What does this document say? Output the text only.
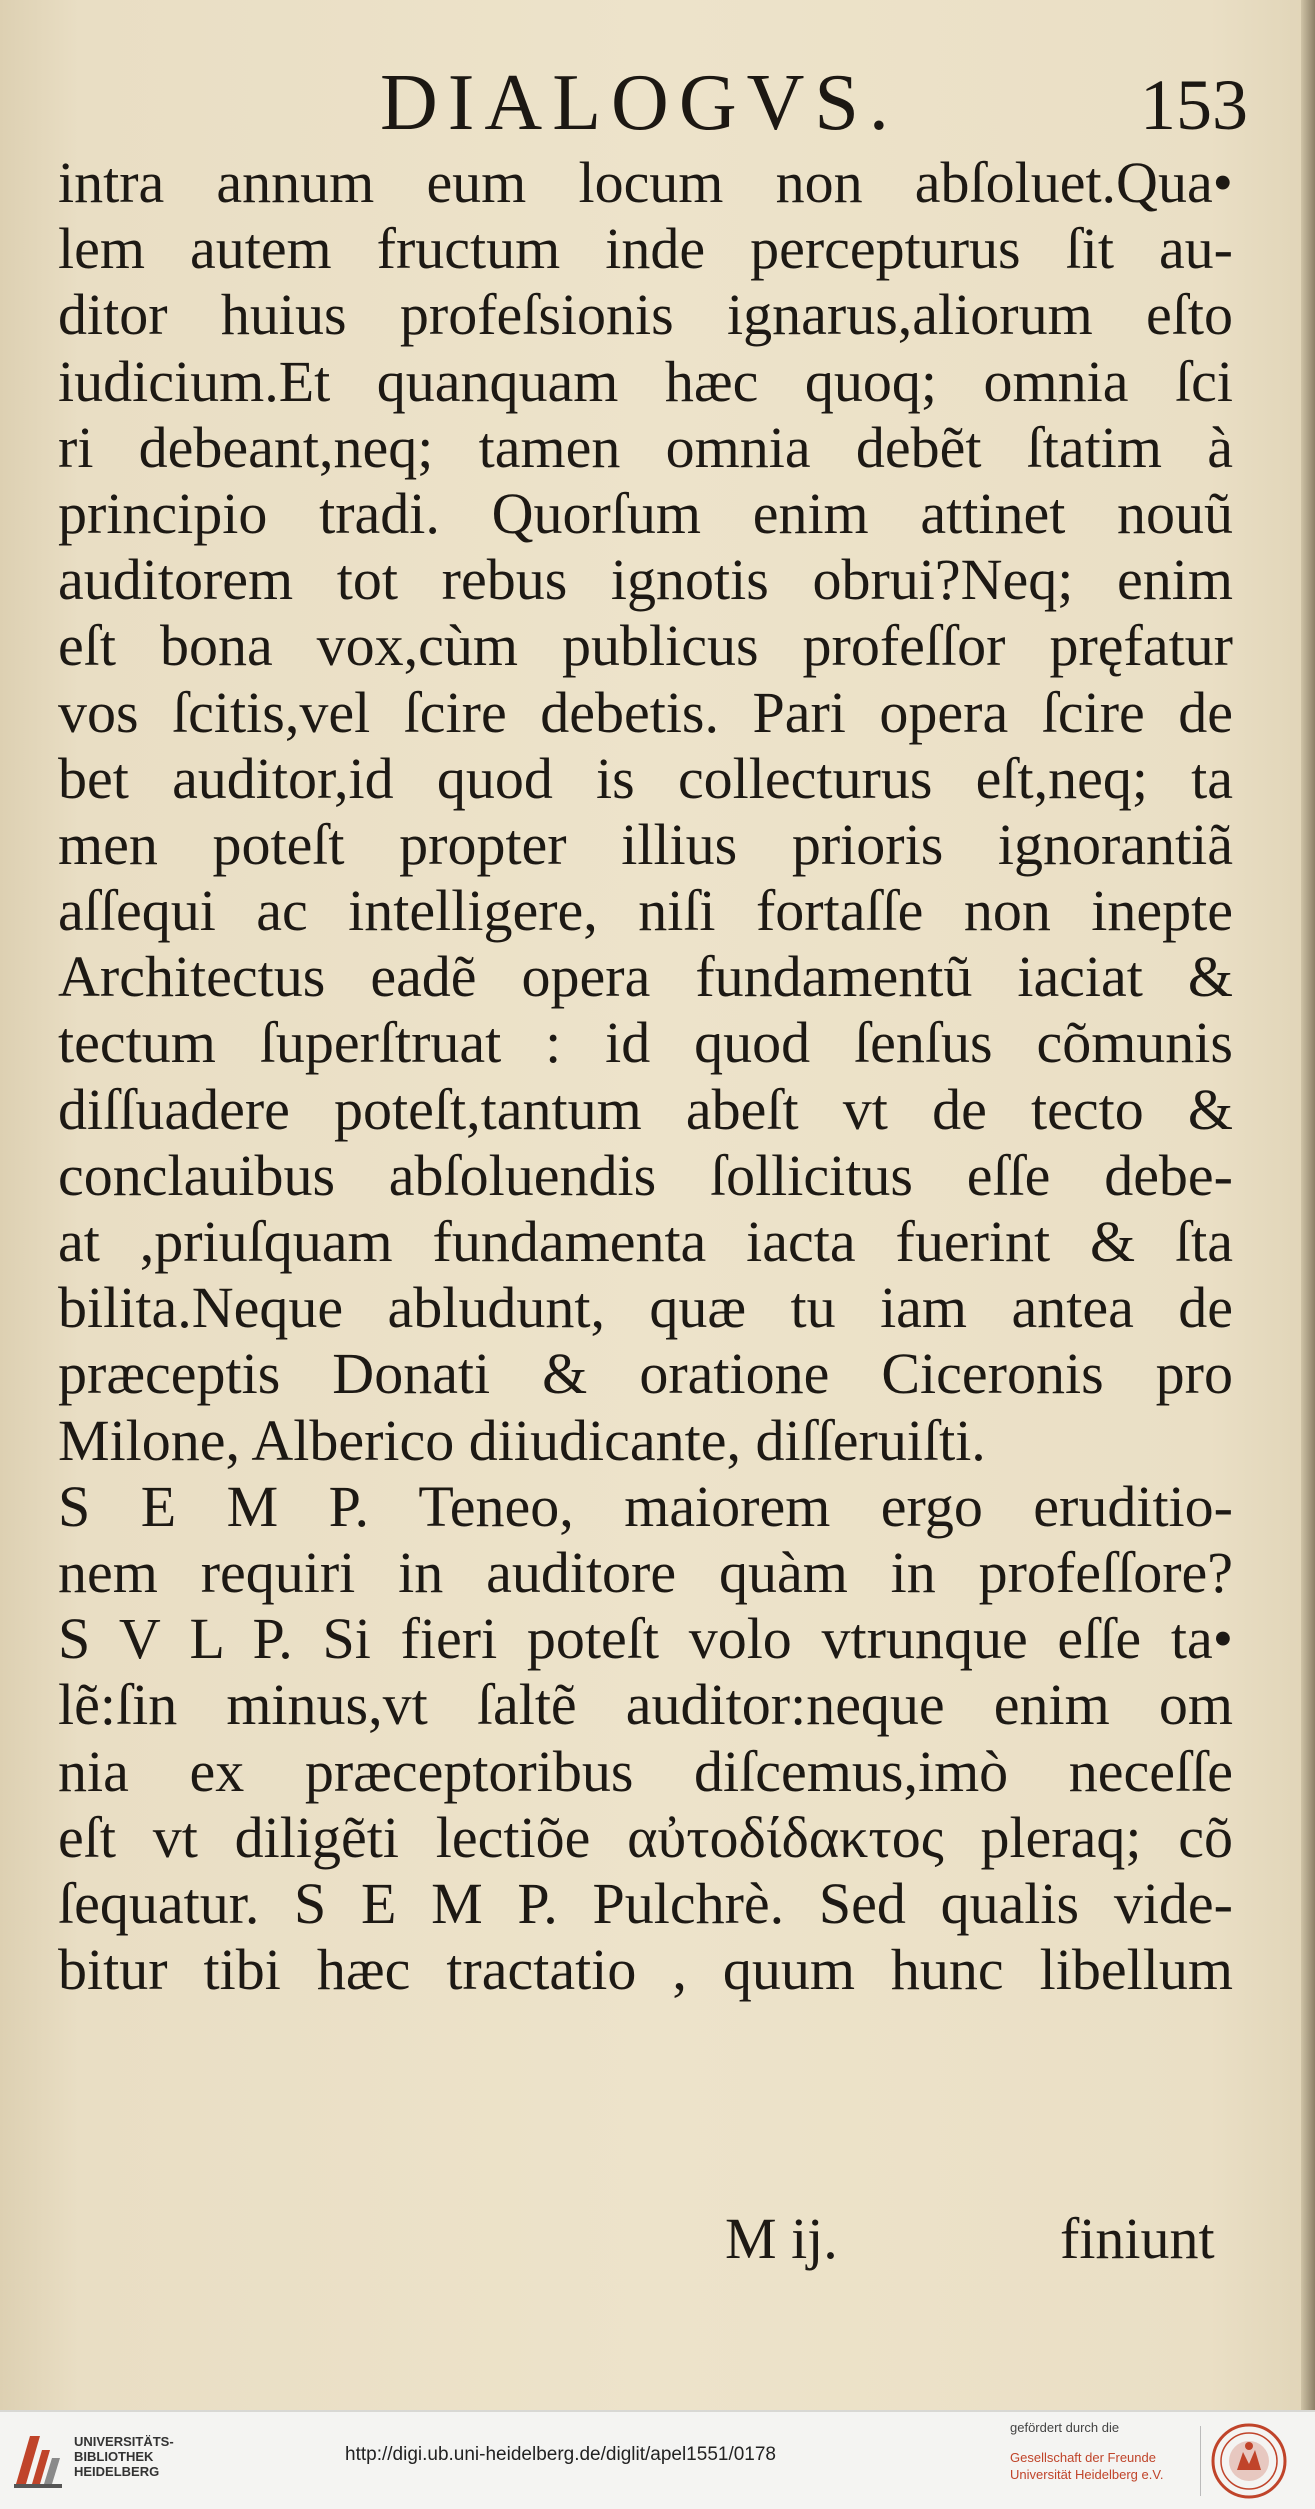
DIALOGVS.	153
intra annum eum locum non abſoluet.Qua•
lem autem fructum inde percepturus ſit au-
ditor huius profeſsionis ignarus,aliorum eſto
iudicium.Et quanquam hæc quoq; omnia ſci
ri debeant,neq; tamen omnia debẽt ſtatim à
principio tradi. Quorſum enim attinet nouũ
auditorem tot rebus ignotis obrui?Neq; enim
eſt bona vox,cùm publicus profeſſor pręfatur
vos ſcitis,vel ſcire debetis. Pari opera ſcire de
bet auditor,id quod is collecturus eſt,neq; ta
men poteſt propter illius prioris ignorantiã
aſſequi ac intelligere, niſi fortaſſe non inepte
Architectus eadẽ opera fundamentũ iaciat &
tectum ſuperſtruat : id quod ſenſus cõmunis
diſſuadere poteſt,tantum abeſt vt de tecto &
conclauibus abſoluendis ſollicitus eſſe debe-
at ,priuſquam fundamenta iacta fuerint & ſta
bilita.Neque abludunt, quæ tu iam antea de
præceptis Donati & oratione Ciceronis pro
Milone, Alberico diiudicante, diſſeruiſti.
S E M P. Teneo, maiorem ergo eruditio-
nem requiri in auditore quàm in profeſſore?
S V L P. Si fieri poteſt volo vtrunque eſſe ta•
lẽ:ſin minus,vt ſaltẽ auditor:neque enim om
nia ex præceptoribus diſcemus,imò neceſſe
eſt vt diligẽti lectiõe αὐτοδίδακτος pleraq; cõ
ſequatur. S E M P. Pulchrè. Sed qualis vide-
bitur tibi hæc tractatio , quum hunc libellum
M ij.	finiunt
UNIVERSITÄTS-
BIBLIOTHEK
HEIDELBERG
http://digi.ub.uni-heidelberg.de/diglit/apel1551/0178
gefördert durch die
Gesellschaft der Freunde
Universität Heidelberg e.V.
